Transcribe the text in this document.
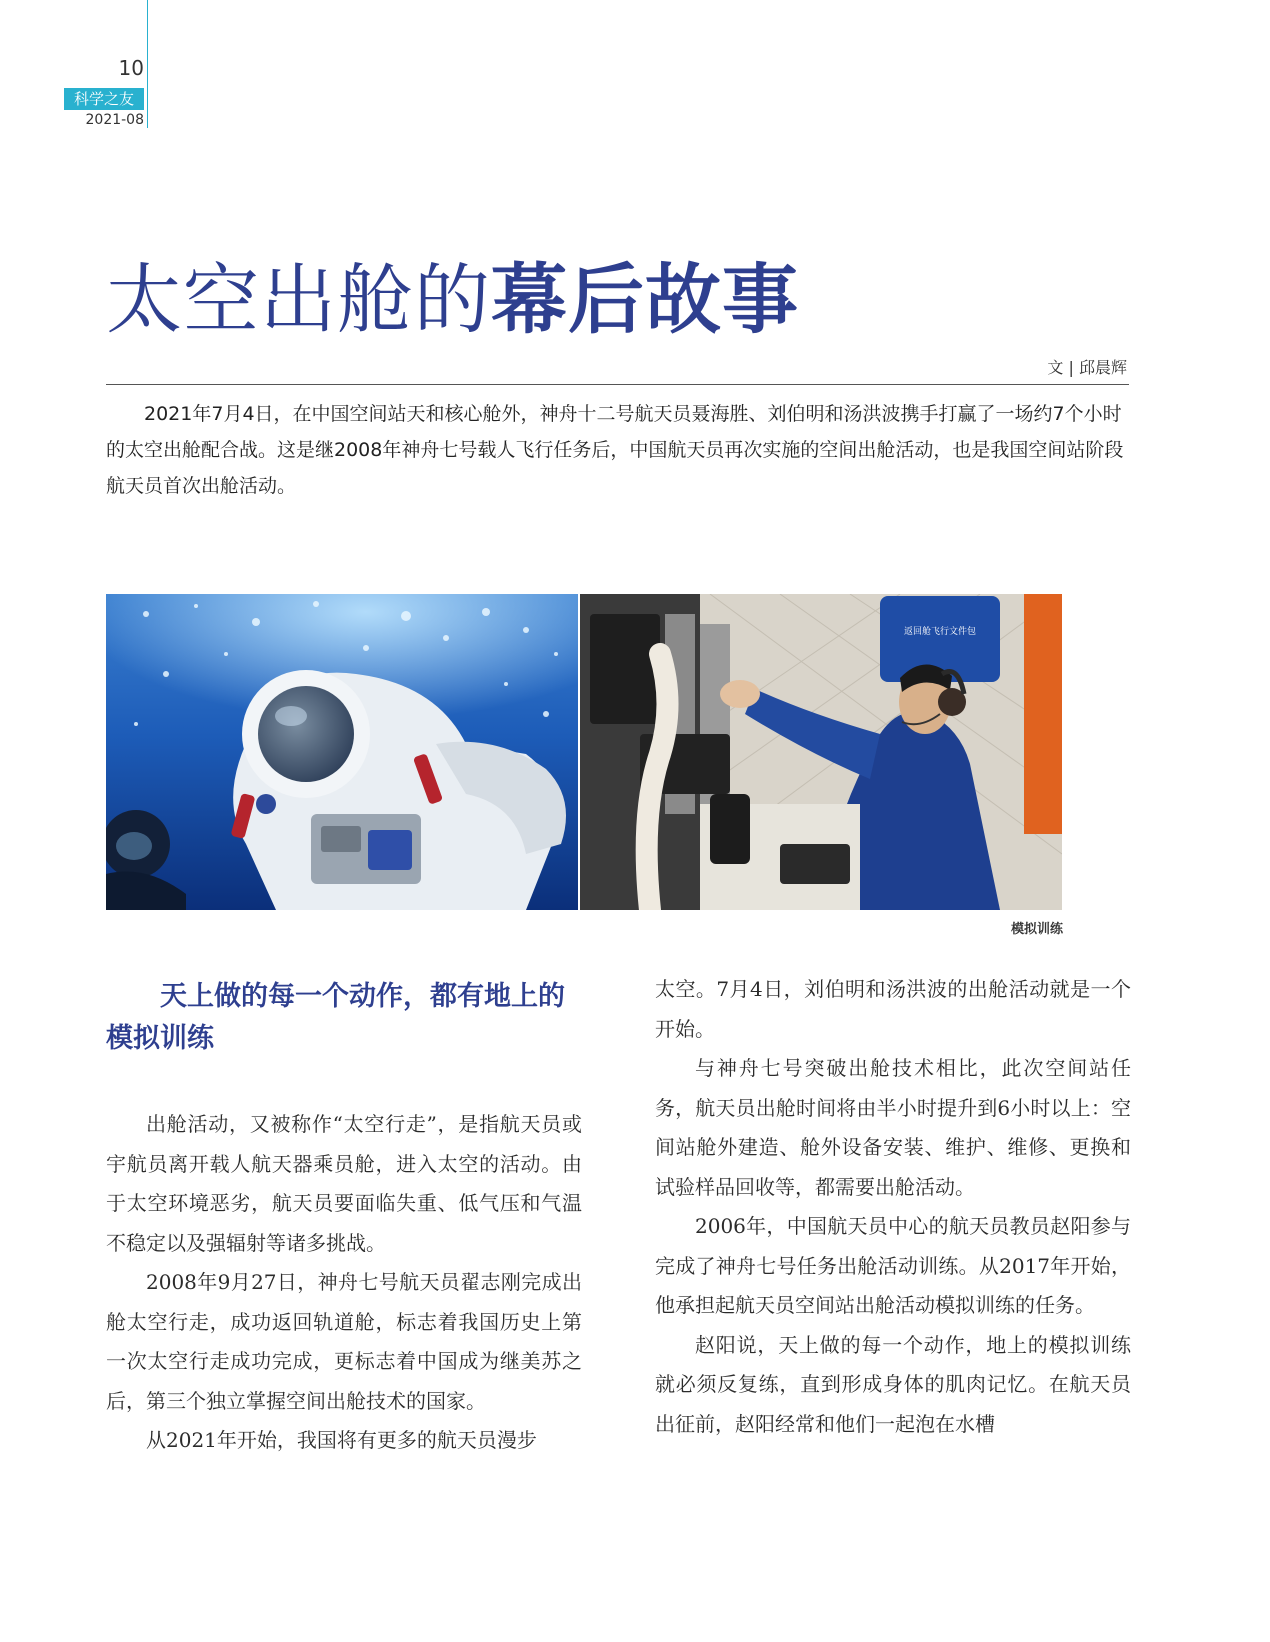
10
科学之友
2021-08
太空出舱的幕后故事
文 | 邱晨辉

2021年7月4日，在中国空间站天和核心舱外，神舟十二号航天员聂海胜、刘伯明和汤洪波携手打赢了一场约7个小时的太空出舱配合战。这是继2008年神舟七号载人飞行任务后，中国航天员再次实施的空间出舱活动，也是我国空间站阶段航天员首次出舱活动。

返回舱飞行文件包
模拟训练
天上做的每一个动作，都有地上的模拟训练

出舱活动，又被称作“太空行走”，是指航天员或宇航员离开载人航天器乘员舱，进入太空的活动。由于太空环境恶劣，航天员要面临失重、低气压和气温不稳定以及强辐射等诸多挑战。

2008年9月27日，神舟七号航天员翟志刚完成出舱太空行走，成功返回轨道舱，标志着我国历史上第一次太空行走成功完成，更标志着中国成为继美苏之后，第三个独立掌握空间出舱技术的国家。

从2021年开始，我国将有更多的航天员漫步

太空。7月4日，刘伯明和汤洪波的出舱活动就是一个开始。

与神舟七号突破出舱技术相比，此次空间站任务，航天员出舱时间将由半小时提升到6小时以上：空间站舱外建造、舱外设备安装、维护、维修、更换和试验样品回收等，都需要出舱活动。

2006年，中国航天员中心的航天员教员赵阳参与完成了神舟七号任务出舱活动训练。从2017年开始，他承担起航天员空间站出舱活动模拟训练的任务。

赵阳说，天上做的每一个动作，地上的模拟训练就必须反复练，直到形成身体的肌肉记忆。在航天员出征前，赵阳经常和他们一起泡在水槽
